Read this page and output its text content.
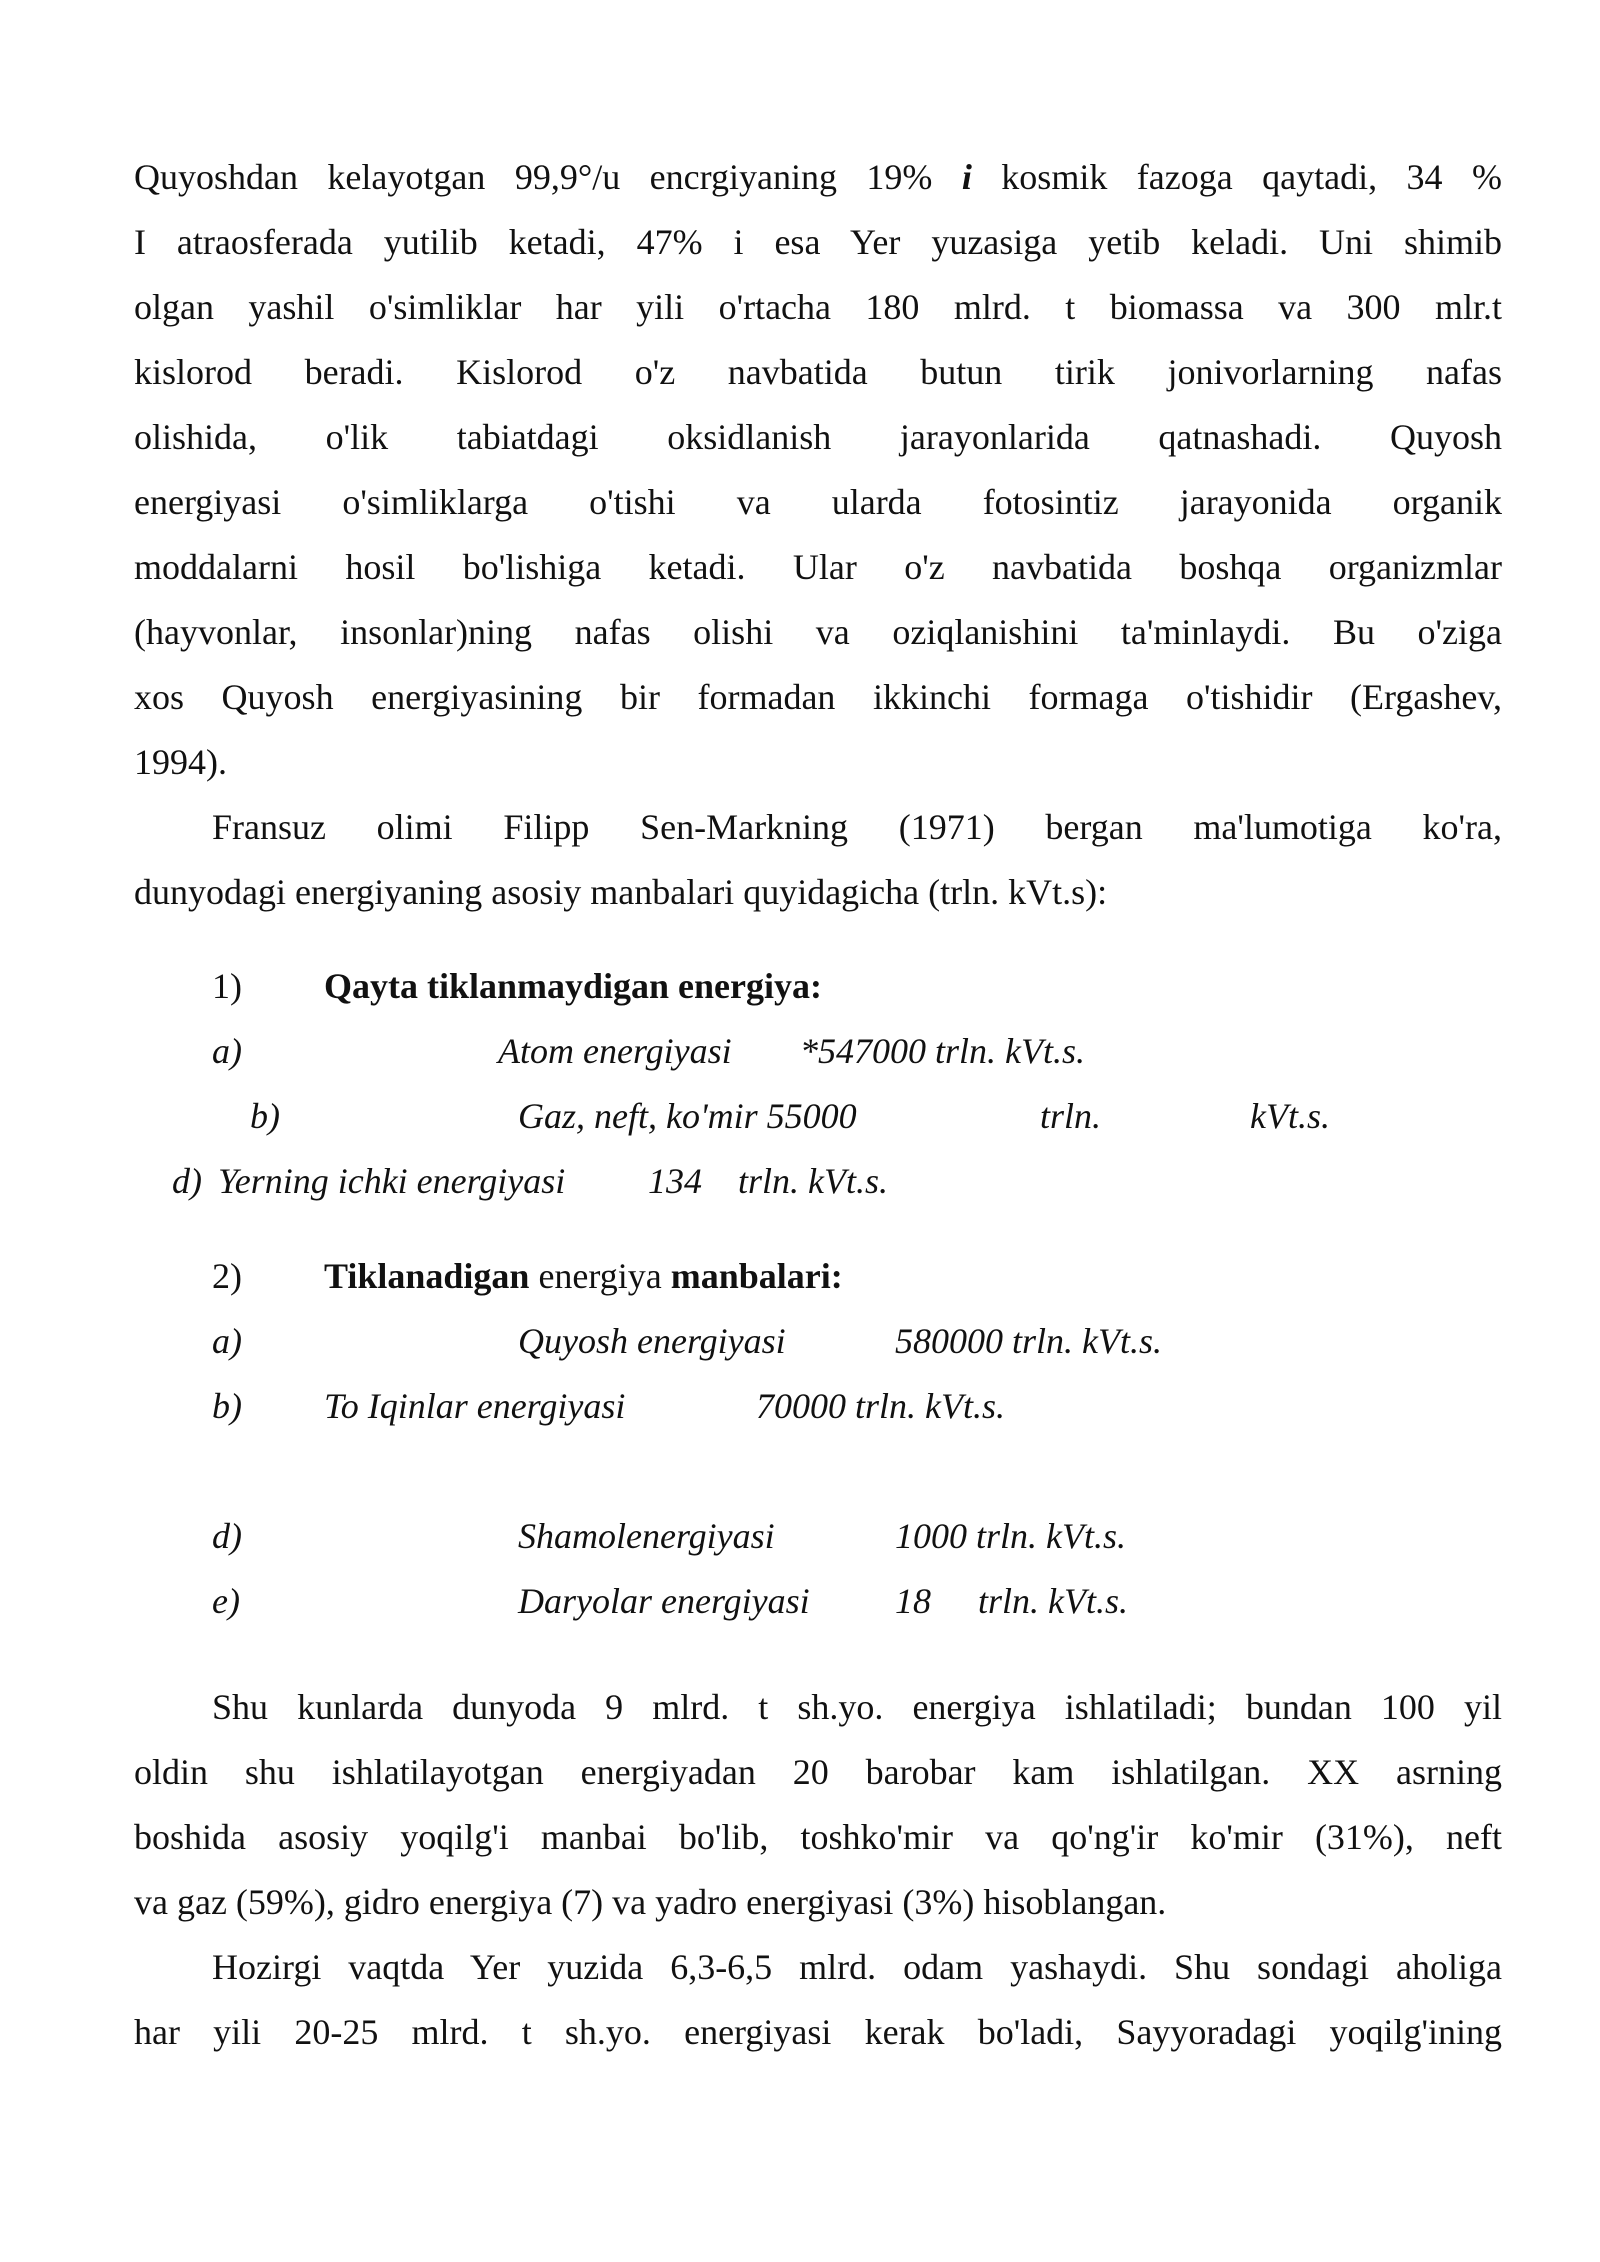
Quyoshdan kelayotgan 99,9°/u encrgiyaning 19% i kosmik fazoga qaytadi, 34 %
I atraosferada yutilib ketadi, 47% i esa Yer yuzasiga yetib keladi. Uni shimib
olgan yashil o'simliklar har yili o'rtacha 180 mlrd. t biomassa va 300 mlr.t
kislorod beradi. Kislorod o'z navbatida butun tirik jonivorlarning nafas
olishida, o'lik tabiatdagi oksidlanish jarayonlarida qatnashadi. Quyosh
energiyasi o'simliklarga o'tishi va ularda fotosintiz jarayonida organik
moddalarni hosil bo'lishiga ketadi. Ular o'z navbatida boshqa organizmlar
(hayvonlar, insonlar)ning nafas olishi va oziqlanishini ta'minlaydi. Bu o'ziga
xos Quyosh energiyasining bir formadan ikkinchi formaga o'tishidir (Ergashev,
1994).
Fransuz olimi Filipp Sen-Markning (1971) bergan ma'lumotiga ko'ra,
dunyodagi energiyaning asosiy manbalari quyidagicha (trln. kVt.s):
1) Qayta tiklanmaydigan energiya:
a)	Atom energiyasi *547000 trln. kVt.s.
b)	Gaz, neft, ko'mir 55000	trln.	kVt.s.
d) Yerning ichki energiyasi 134 trln. kVt.s.
2) Tiklanadigan energiya manbalari:
a)	Quyosh energiyasi	580000 trln. kVt.s.
b) To Iqinlar energiyasi	70000 trln. kVt.s.
d)	Shamolenergiyasi	1000 trln. kVt.s.
e)	Daryolar energiyasi 18 trln. kVt.s.
Shu kunlarda dunyoda 9 mlrd. t sh.yo. energiya ishlatiladi; bundan 100 yil
oldin shu ishlatilayotgan energiyadan 20 barobar kam ishlatilgan. XX asrning
boshida asosiy yoqilg'i manbai bo'lib, toshko'mir va qo'ng'ir ko'mir (31%), neft
va gaz (59%), gidro energiya (7) va yadro energiyasi (3%) hisoblangan.
Hozirgi vaqtda Yer yuzida 6,3-6,5 mlrd. odam yashaydi. Shu sondagi aholiga
har yili 20-25 mlrd. t sh.yo. energiyasi kerak bo'ladi, Sayyoradagi yoqilg'ining
